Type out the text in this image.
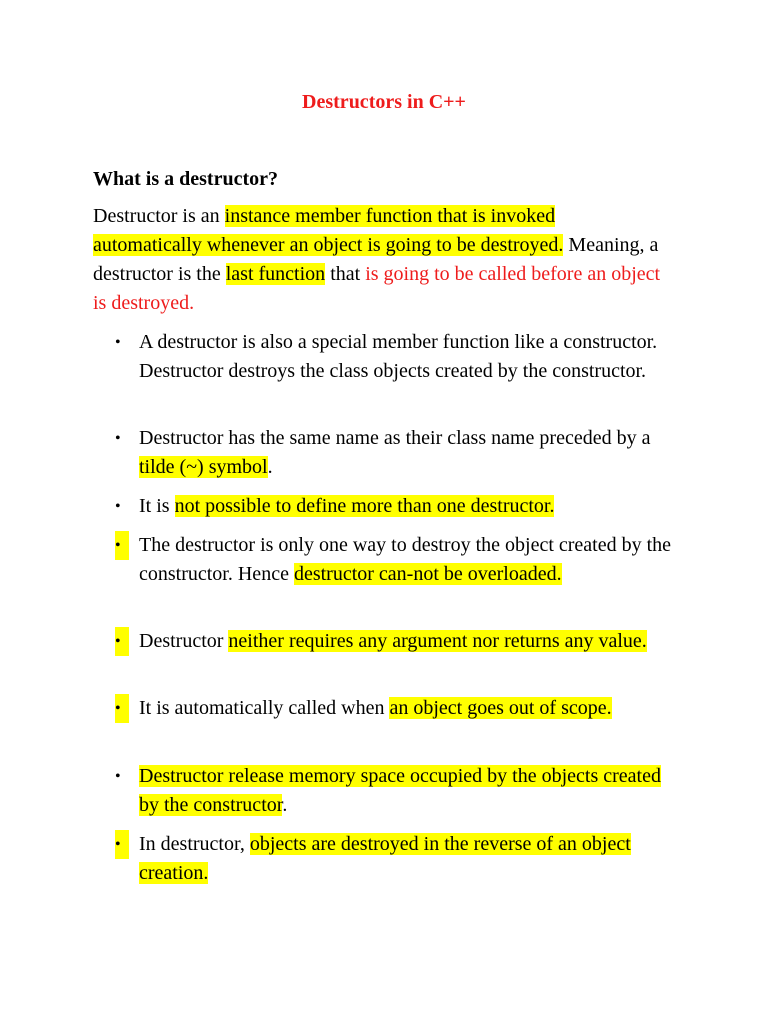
Destructors in C++
What is a destructor?
Destructor is an instance member function that is invoked automatically whenever an object is going to be destroyed. Meaning, a destructor is the last function that is going to be called before an object is destroyed.
• A destructor is also a special member function like a constructor. Destructor destroys the class objects created by the constructor.
• Destructor has the same name as their class name preceded by a tilde (~) symbol.
• It is not possible to define more than one destructor.
• The destructor is only one way to destroy the object created by the constructor. Hence destructor can-not be overloaded.
• Destructor neither requires any argument nor returns any value.
• It is automatically called when an object goes out of scope.
• Destructor release memory space occupied by the objects created by the constructor.
• In destructor, objects are destroyed in the reverse of an object creation.
